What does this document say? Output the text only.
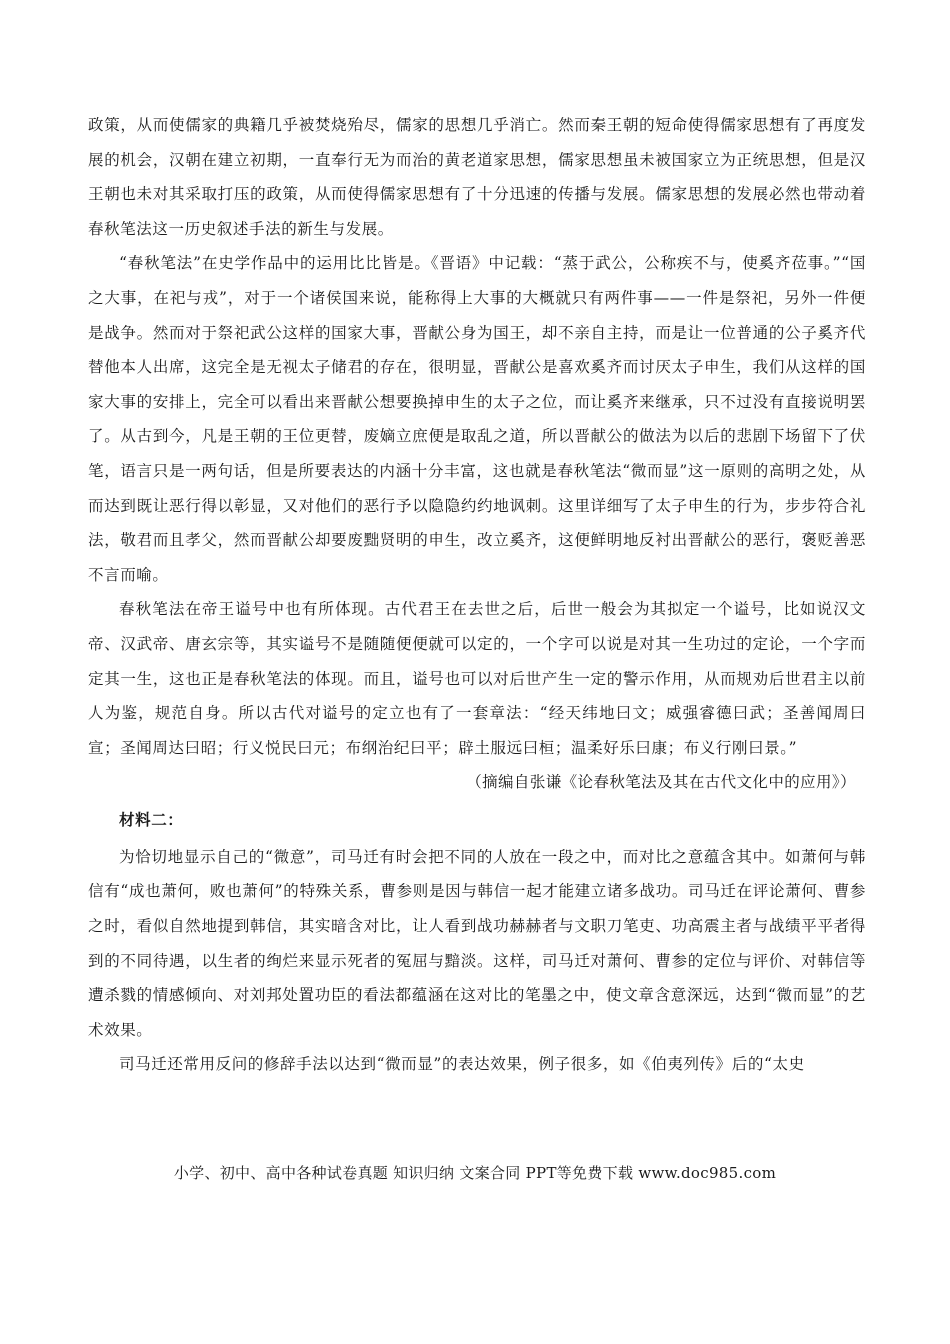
政策，从而使儒家的典籍几乎被焚烧殆尽，儒家的思想几乎消亡。然而秦王朝的短命使得儒家思想有了再度发展的机会，汉朝在建立初期，一直奉行无为而治的黄老道家思想，儒家思想虽未被国家立为正统思想，但是汉王朝也未对其采取打压的政策，从而使得儒家思想有了十分迅速的传播与发展。儒家思想的发展必然也带动着春秋笔法这一历史叙述手法的新生与发展。

“春秋笔法”在史学作品中的运用比比皆是。《晋语》中记载：“蒸于武公，公称疾不与，使奚齐莅事。”“国之大事，在祀与戎”，对于一个诸侯国来说，能称得上大事的大概就只有两件事——一件是祭祀，另外一件便是战争。然而对于祭祀武公这样的国家大事，晋献公身为国王，却不亲自主持，而是让一位普通的公子奚齐代替他本人出席，这完全是无视太子储君的存在，很明显，晋献公是喜欢奚齐而讨厌太子申生，我们从这样的国家大事的安排上，完全可以看出来晋献公想要换掉申生的太子之位，而让奚齐来继承，只不过没有直接说明罢了。从古到今，凡是王朝的王位更替，废嫡立庶便是取乱之道，所以晋献公的做法为以后的悲剧下场留下了伏笔，语言只是一两句话，但是所要表达的内涵十分丰富，这也就是春秋笔法“微而显”这一原则的高明之处，从而达到既让恶行得以彰显，又对他们的恶行予以隐隐约约地讽刺。这里详细写了太子申生的行为，步步符合礼法，敬君而且孝父，然而晋献公却要废黜贤明的申生，改立奚齐，这便鲜明地反衬出晋献公的恶行，褒贬善恶不言而喻。

春秋笔法在帝王谥号中也有所体现。古代君王在去世之后，后世一般会为其拟定一个谥号，比如说汉文帝、汉武帝、唐玄宗等，其实谥号不是随随便便就可以定的，一个字可以说是对其一生功过的定论，一个字而定其一生，这也正是春秋笔法的体现。而且，谥号也可以对后世产生一定的警示作用，从而规劝后世君主以前人为鉴，规范自身。所以古代对谥号的定立也有了一套章法：“经天纬地曰文；威强睿德曰武；圣善闻周曰宣；圣闻周达曰昭；行义悦民曰元；布纲治纪曰平；辟土服远曰桓；温柔好乐曰康；布义行刚曰景。”

（摘编自张谦《论春秋笔法及其在古代文化中的应用》）

材料二：

为恰切地显示自己的“微意”，司马迁有时会把不同的人放在一段之中，而对比之意蕴含其中。如萧何与韩信有“成也萧何，败也萧何”的特殊关系，曹参则是因与韩信一起才能建立诸多战功。司马迁在评论萧何、曹参之时，看似自然地提到韩信，其实暗含对比，让人看到战功赫赫者与文职刀笔吏、功高震主者与战绩平平者得到的不同待遇，以生者的绚烂来显示死者的冤屈与黯淡。这样，司马迁对萧何、曹参的定位与评价、对韩信等遭杀戮的情感倾向、对刘邦处置功臣的看法都蕴涵在这对比的笔墨之中，使文章含意深远，达到“微而显”的艺术效果。

司马迁还常用反问的修辞手法以达到“微而显”的表达效果，例子很多，如《伯夷列传》后的“太史

小学、初中、高中各种试卷真题 知识归纳 文案合同 PPT等免费下载 www.doc985.com
